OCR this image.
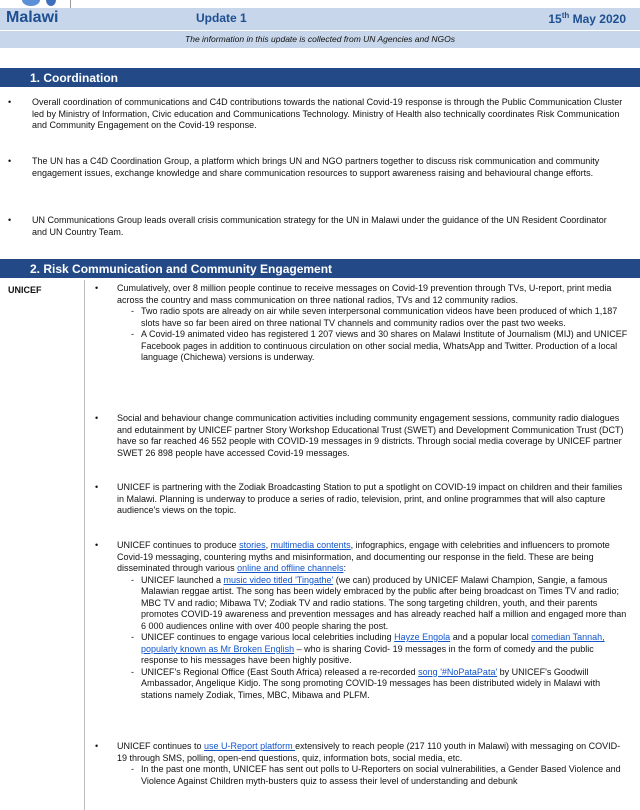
Malawi	Update 1	15th May 2020
The information in this update is collected from UN Agencies and NGOs
1. Coordination
• Overall coordination of communications and C4D contributions towards the national Covid-19 response is through the Public Communication Cluster led by Ministry of Information, Civic education and Communications Technology. Ministry of Health also technically coordinates Risk Communication and Community Engagement on the Covid-19 response.
• The UN has a C4D Coordination Group, a platform which brings UN and NGO partners together to discuss risk communication and community engagement issues, exchange knowledge and share communication resources to support awareness raising and behavioural change efforts.
• UN Communications Group leads overall crisis communication strategy for the UN in Malawi under the guidance of the UN Resident Coordinator and UN Country Team.
2. Risk Communication and Community Engagement
UNICEF	• Cumulatively, over 8 million people continue to receive messages on Covid-19 prevention through TVs, U-report, print media across the country and mass communication on three national radios, TVs and 12 community radios.
- Two radio spots are already on air while seven interpersonal communication videos have been produced of which 1,187 slots have so far been aired on three national TV channels and community radios over the past two weeks.
- A Covid-19 animated video has registered 1 207 views and 30 shares on Malawi Institute of Journalism (MIJ) and UNICEF Facebook pages in addition to continuous circulation on other social media, WhatsApp and Twitter. Production of a local language (Chichewa) versions is underway.
• Social and behaviour change communication activities including community engagement sessions, community radio dialogues and edutainment by UNICEF partner Story Workshop Educational Trust (SWET) and Development Communication Trust (DCT) have so far reached 46 552 people with COVID-19 messages in 9 districts. Through social media coverage by UNICEF partner SWET 26 898 people have accessed Covid-19 messages.
• UNICEF is partnering with the Zodiak Broadcasting Station to put a spotlight on COVID-19 impact on children and their families in Malawi. Planning is underway to produce a series of radio, television, print, and online programmes that will also capture audience's views on the topic.
• UNICEF continues to produce stories, multimedia contents, infographics, engage with celebrities and influencers to promote Covid-19 messaging, countering myths and misinformation, and documenting our response in the field. These are being disseminated through various online and offline channels:
- UNICEF launched a music video titled 'Tingathe' (we can) produced by UNICEF Malawi Champion, Sangie, a famous Malawian reggae artist. The song has been widely embraced by the public after being broadcast on Times TV and radio; MBC TV and radio; Mibawa TV; Zodiak TV and radio stations. The song targeting children, youth, and their parents promotes COVID-19 awareness and prevention messages and has already reached half a million and engaged more than 6 000 audiences online with over 400 people sharing the post.
- UNICEF continues to engage various local celebrities including Hayze Engola and a popular local comedian Tannah, popularly known as Mr Broken English – who is sharing Covid- 19 messages in the form of comedy and the public response to his messages have been highly positive.
- UNICEF's Regional Office (East South Africa) released a re-recorded song '#NoPataPata' by UNICEF's Goodwill Ambassador, Angelique Kidjo. The song promoting COVID-19 messages has been distributed widely in Malawi with stations namely Zodiak, Times, MBC, Mibawa and PLFM.
• UNICEF continues to use U-Report platform extensively to reach people (217 110 youth in Malawi) with messaging on COVID-19 through SMS, polling, open-end questions, quiz, information bots, social media, etc.
- In the past one month, UNICEF has sent out polls to U-Reporters on social vulnerabilities, a Gender Based Violence and Violence Against Children myth-busters quiz to assess their level of understanding and debunk
